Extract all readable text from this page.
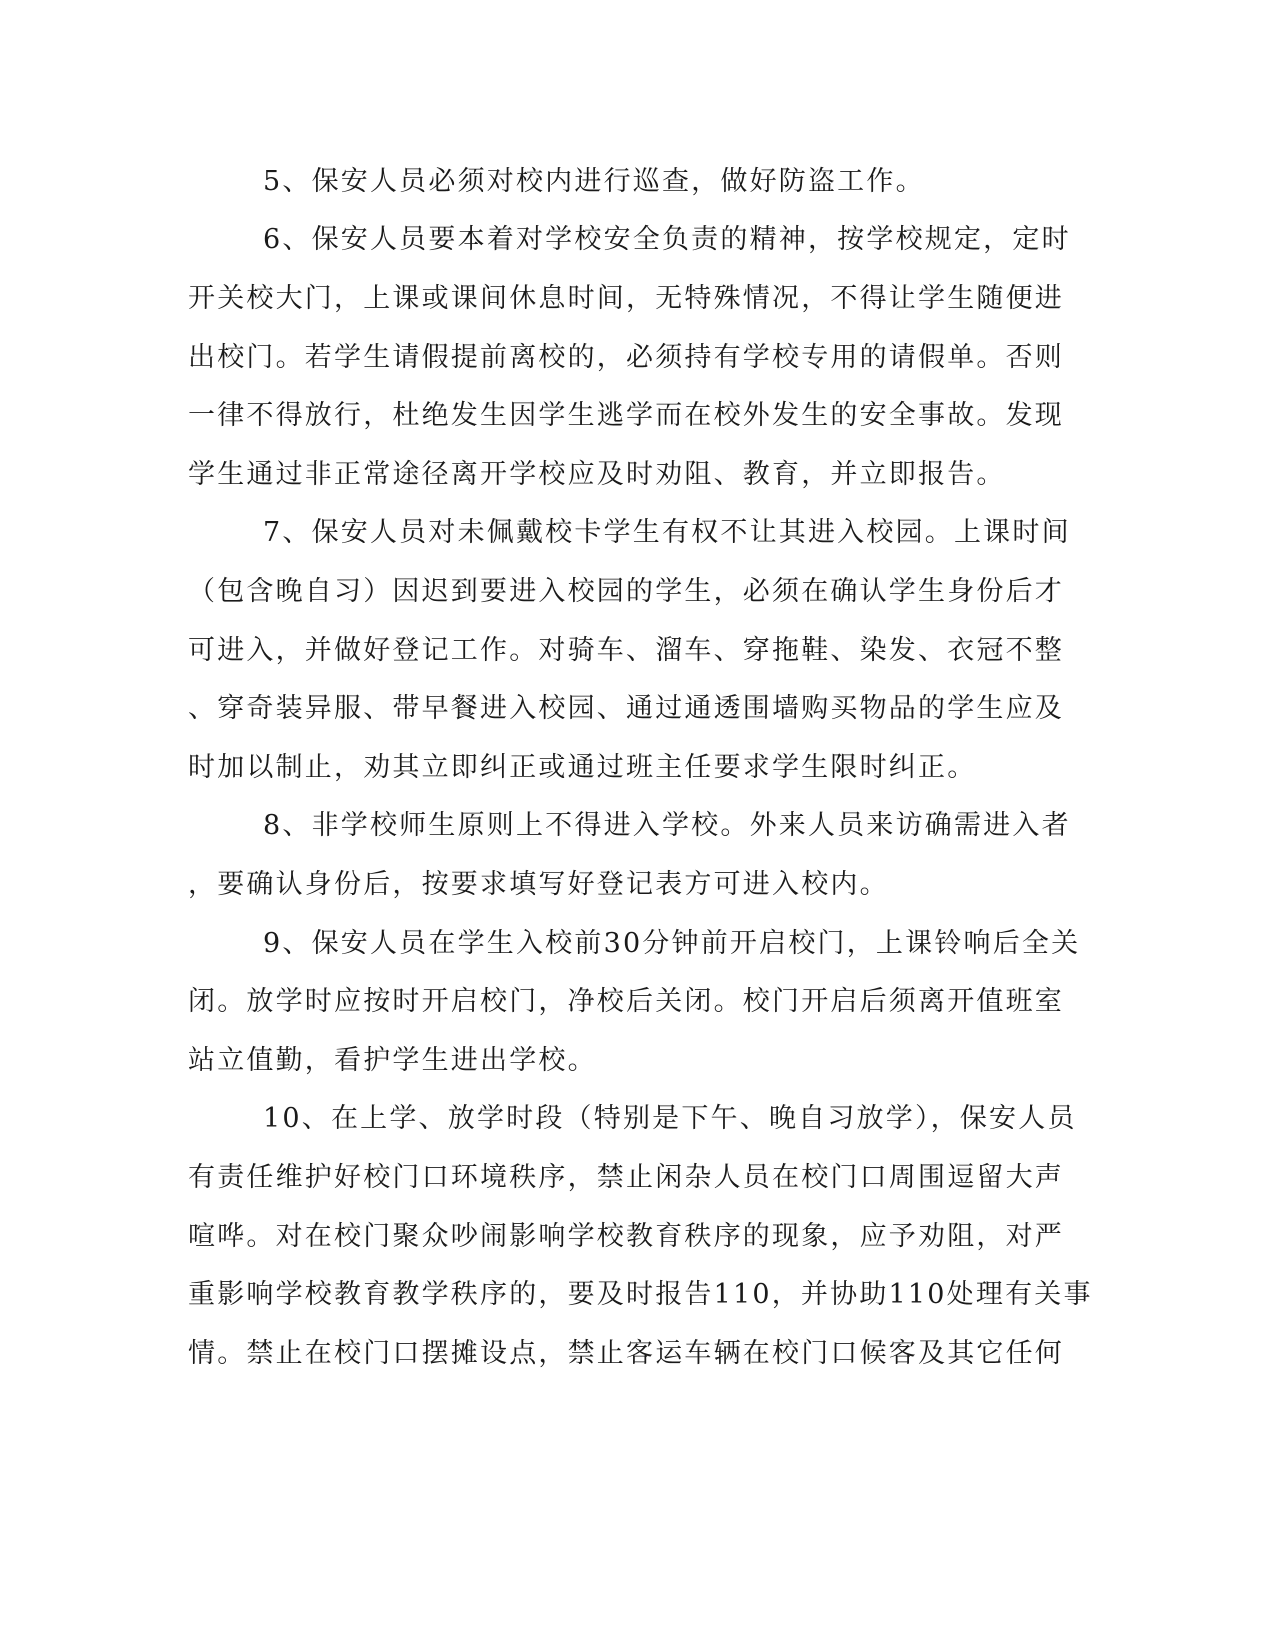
5、保安人员必须对校内进行巡查，做好防盗工作。

6、保安人员要本着对学校安全负责的精神，按学校规定，定时

开关校大门，上课或课间休息时间，无特殊情况，不得让学生随便进

出校门。若学生请假提前离校的，必须持有学校专用的请假单。否则

一律不得放行，杜绝发生因学生逃学而在校外发生的安全事故。发现

学生通过非正常途径离开学校应及时劝阻、教育，并立即报告。

7、保安人员对未佩戴校卡学生有权不让其进入校园。上课时间

（包含晚自习）因迟到要进入校园的学生，必须在确认学生身份后才

可进入，并做好登记工作。对骑车、溜车、穿拖鞋、染发、衣冠不整

、穿奇装异服、带早餐进入校园、通过通透围墙购买物品的学生应及

时加以制止，劝其立即纠正或通过班主任要求学生限时纠正。

8、非学校师生原则上不得进入学校。外来人员来访确需进入者

，要确认身份后，按要求填写好登记表方可进入校内。

9、保安人员在学生入校前30分钟前开启校门，上课铃响后全关

闭。放学时应按时开启校门，净校后关闭。校门开启后须离开值班室

站立值勤，看护学生进出学校。

10、在上学、放学时段（特别是下午、晚自习放学），保安人员

有责任维护好校门口环境秩序，禁止闲杂人员在校门口周围逗留大声

喧哗。对在校门聚众吵闹影响学校教育秩序的现象，应予劝阻，对严

重影响学校教育教学秩序的，要及时报告110，并协助110处理有关事

情。禁止在校门口摆摊设点，禁止客运车辆在校门口候客及其它任何
